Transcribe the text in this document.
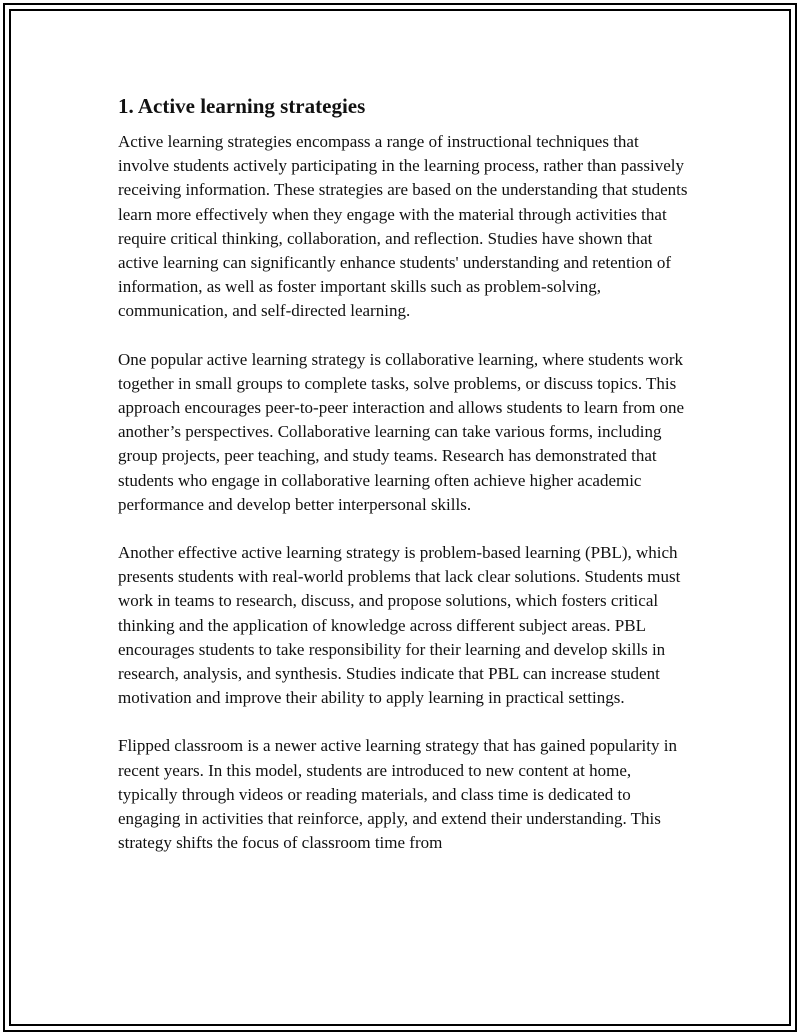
1. Active learning strategies

Active learning strategies encompass a range of instructional techniques that involve students actively participating in the learning process, rather than passively receiving information. These strategies are based on the understanding that students learn more effectively when they engage with the material through activities that require critical thinking, collaboration, and reflection. Studies have shown that active learning can significantly enhance students' understanding and retention of information, as well as foster important skills such as problem-solving, communication, and self-directed learning.

One popular active learning strategy is collaborative learning, where students work together in small groups to complete tasks, solve problems, or discuss topics. This approach encourages peer-to-peer interaction and allows students to learn from one another’s perspectives. Collaborative learning can take various forms, including group projects, peer teaching, and study teams. Research has demonstrated that students who engage in collaborative learning often achieve higher academic performance and develop better interpersonal skills.

Another effective active learning strategy is problem-based learning (PBL), which presents students with real-world problems that lack clear solutions. Students must work in teams to research, discuss, and propose solutions, which fosters critical thinking and the application of knowledge across different subject areas. PBL encourages students to take responsibility for their learning and develop skills in research, analysis, and synthesis. Studies indicate that PBL can increase student motivation and improve their ability to apply learning in practical settings.

Flipped classroom is a newer active learning strategy that has gained popularity in recent years. In this model, students are introduced to new content at home, typically through videos or reading materials, and class time is dedicated to engaging in activities that reinforce, apply, and extend their understanding. This strategy shifts the focus of classroom time from
